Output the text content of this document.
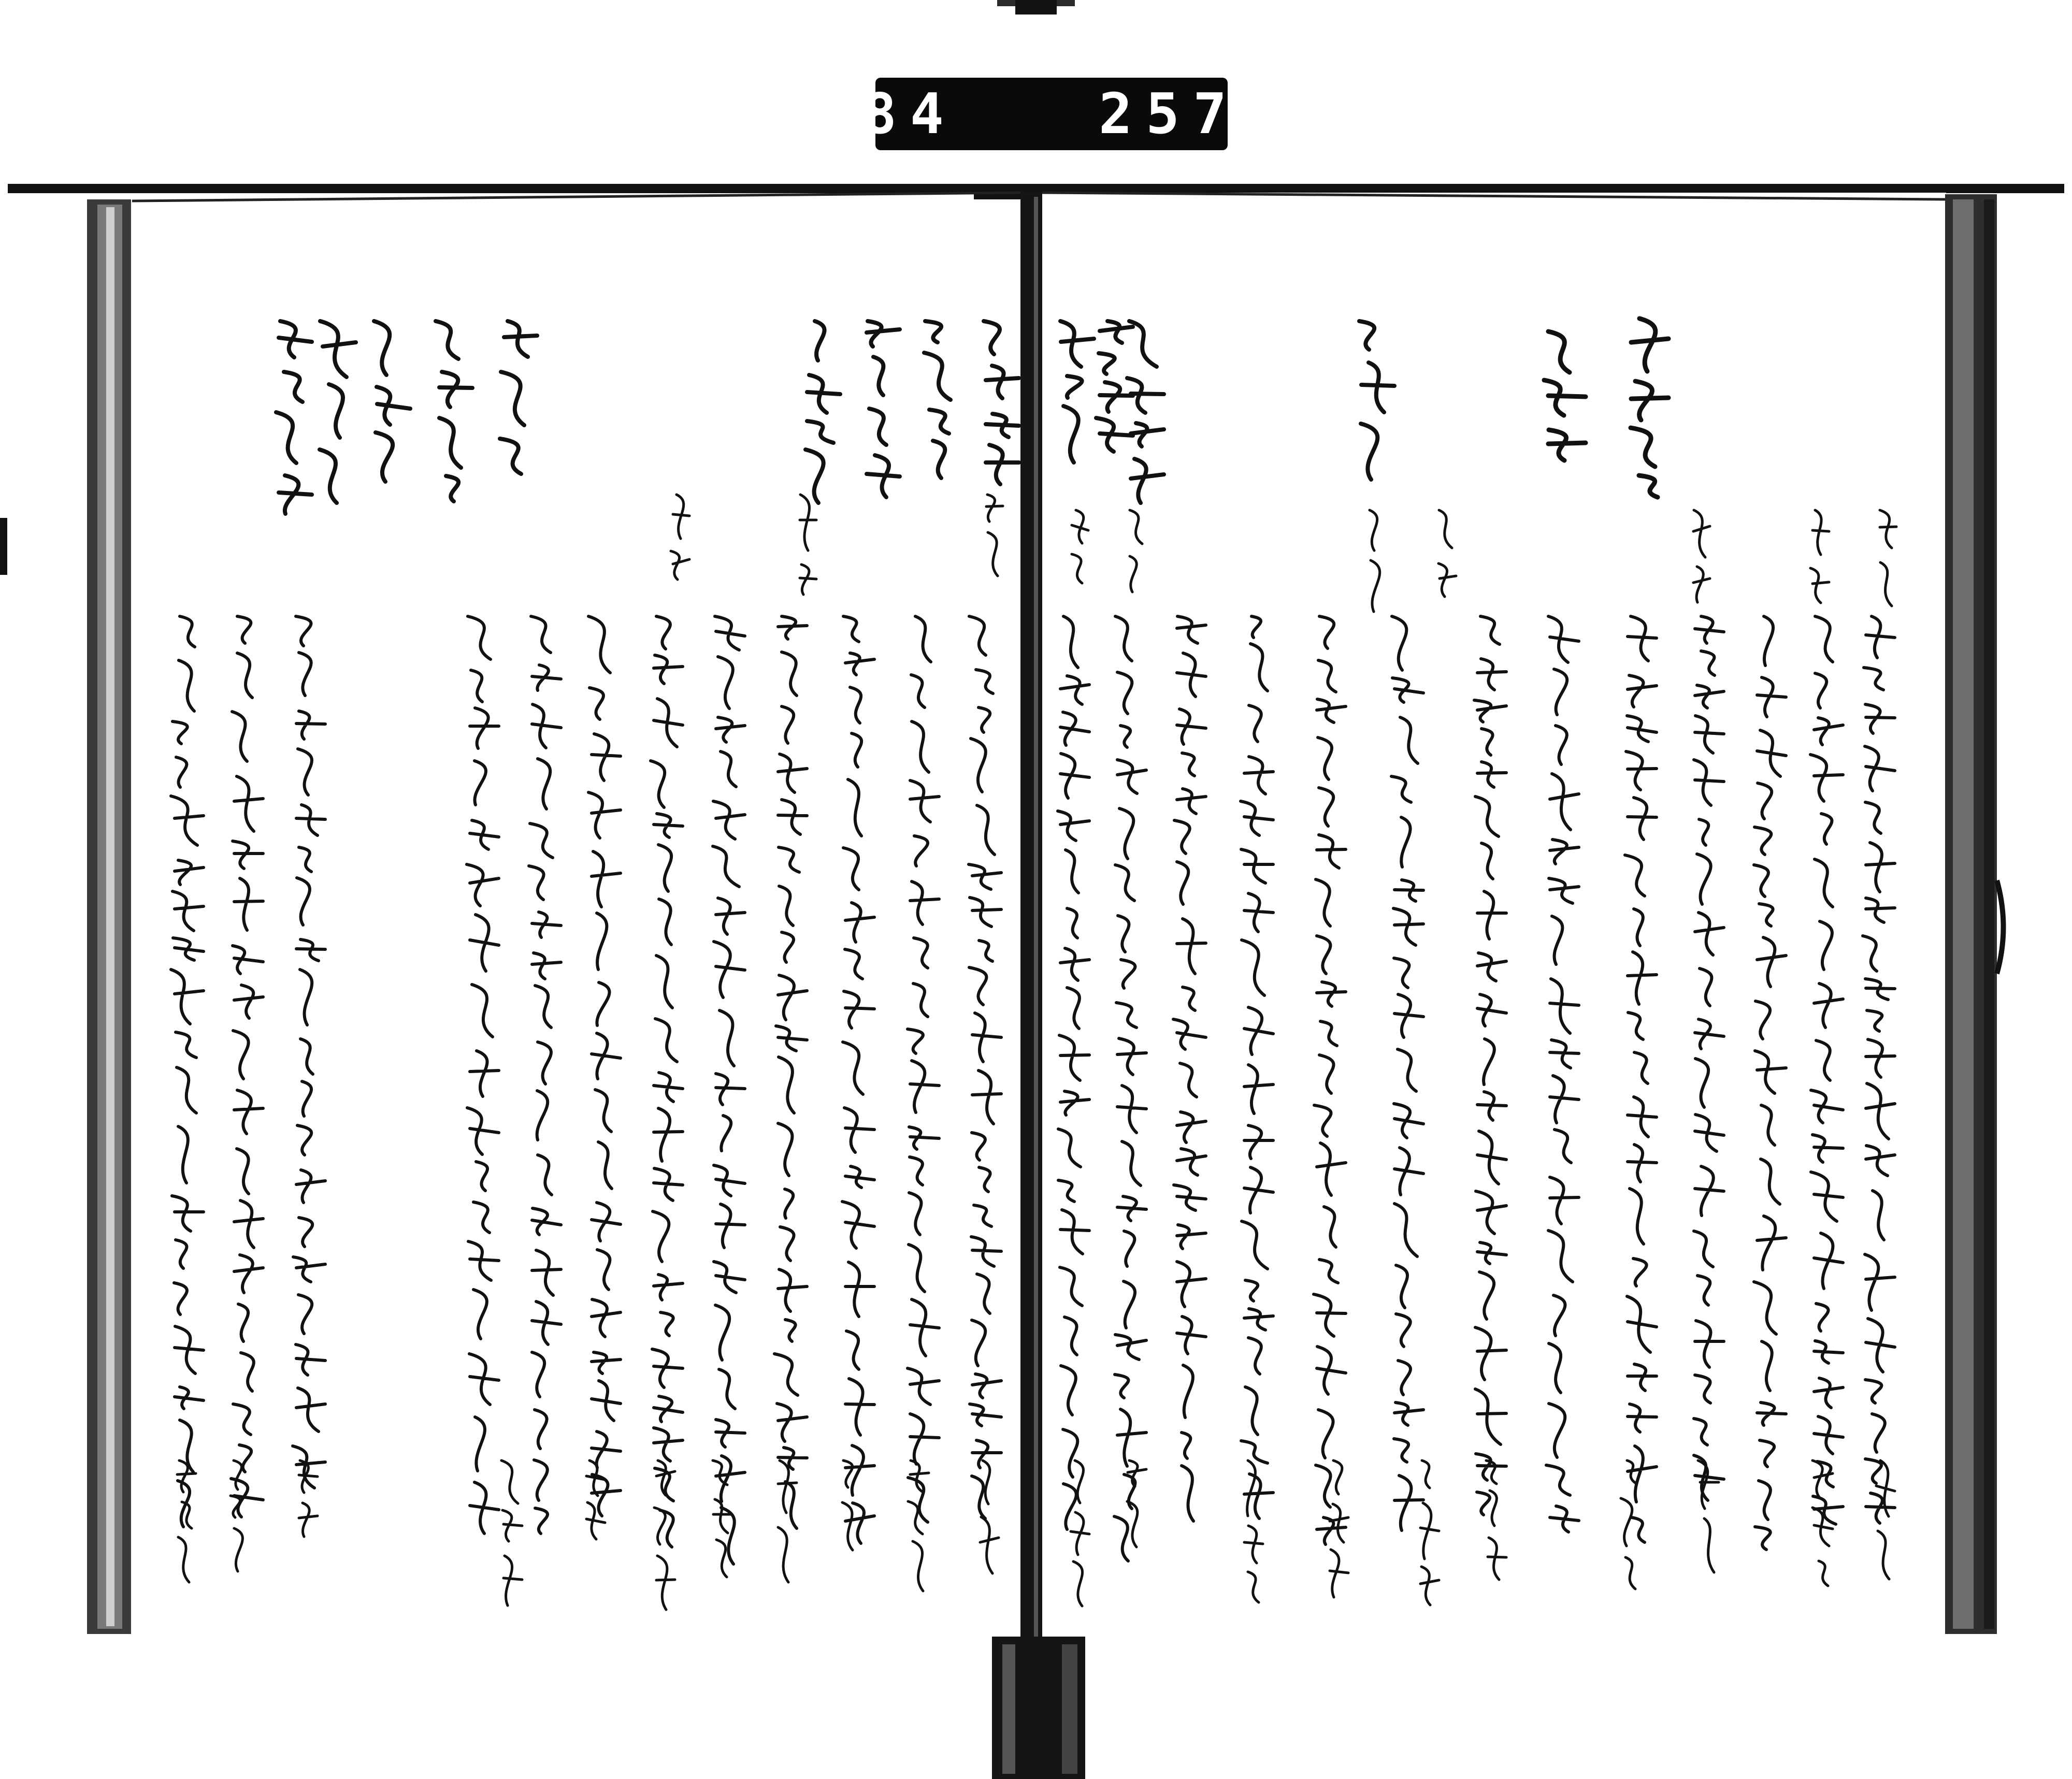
284   257.
